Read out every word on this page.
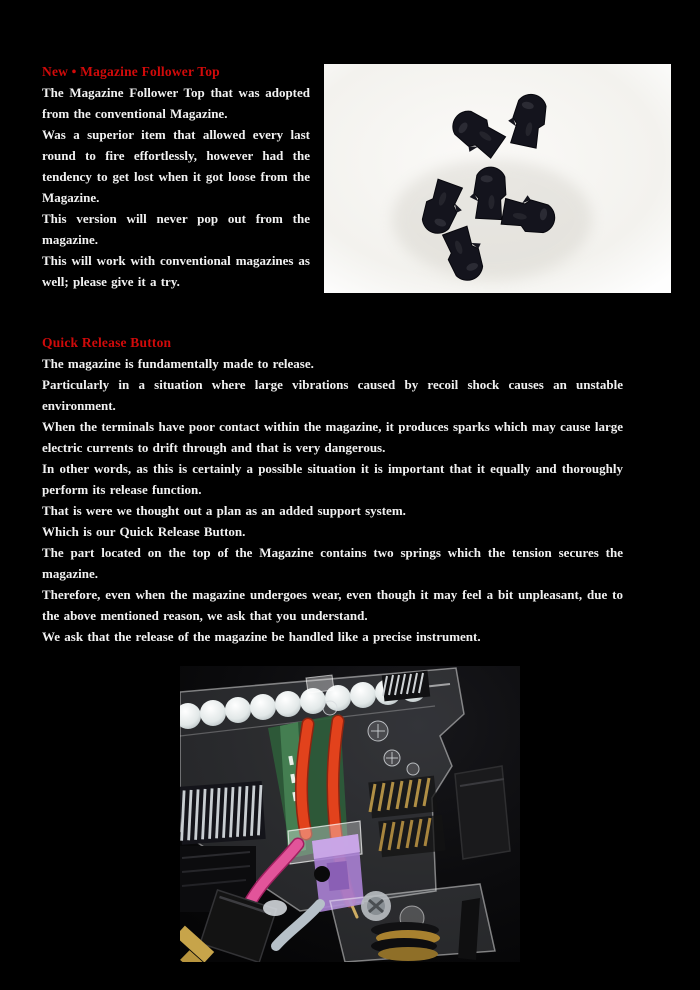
New • Magazine Follower Top

The Magazine Follower Top that was adopted from the conventional Magazine.

Was a superior item that allowed every last round to fire effortlessly, however had the tendency to get lost when it got loose from the Magazine.

This version will never pop out from the magazine.

This will work with conventional magazines as well; please give it a try.

Quick Release Button

The magazine is fundamentally made to release.

Particularly in a situation where large vibrations caused by recoil shock causes an unstable environment.

When the terminals have poor contact within the magazine, it produces sparks which may cause large electric currents to drift through and that is very dangerous.

In other words, as this is certainly a possible situation it is important that it equally and thoroughly perform its release function.

That is were we thought out a plan as an added support system.

Which is our Quick Release Button.

The part located on the top of the Magazine contains two springs which the tension secures the magazine.

Therefore, even when the magazine undergoes wear, even though it may feel a bit unpleasant, due to the above mentioned reason, we ask that you understand.

We ask that the release of the magazine be handled like a precise instrument.
